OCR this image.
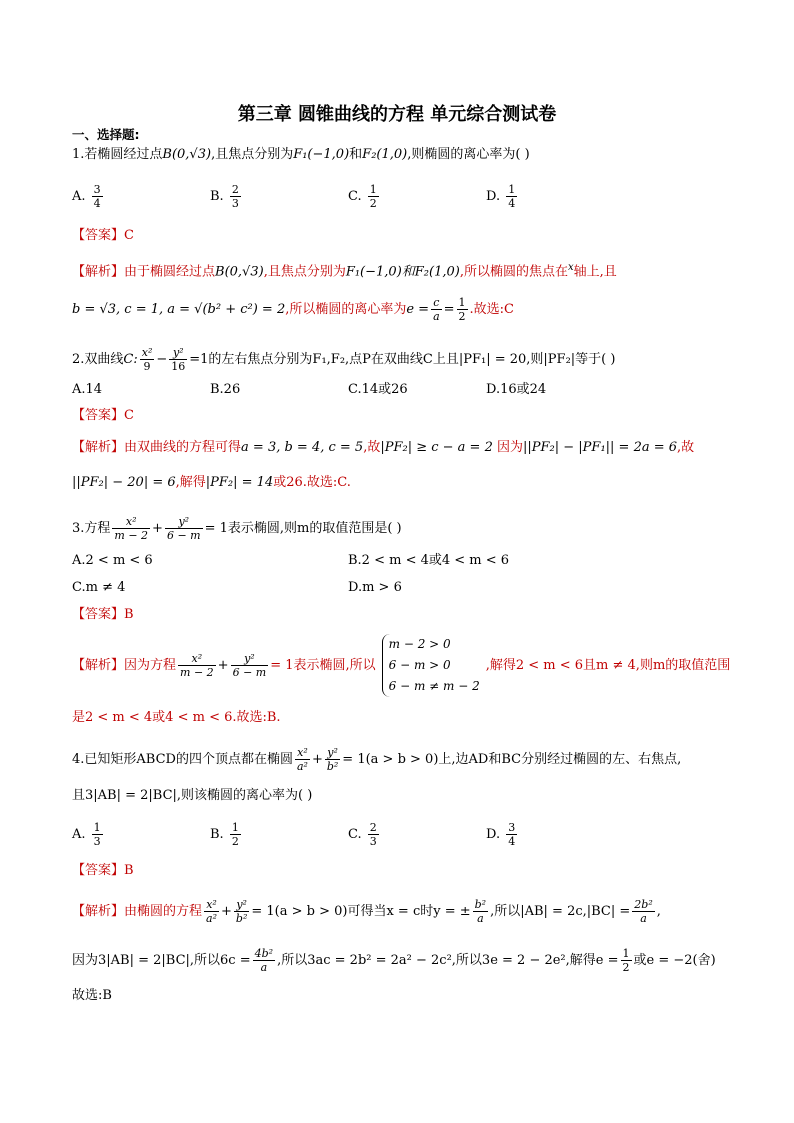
第三章 圆锥曲线的方程 单元综合测试卷
一、选择题:
1.若椭圆经过点B(0,√3),且焦点分别为F₁(−1,0)和F₂(1,0),则椭圆的离心率为( )
A. $\frac{3}{4}$	B. $\frac{2}{3}$	C. $\frac{1}{2}$	D. $\frac{1}{4}$
【答案】C
【解析】由于椭圆经过点B(0,√3),且焦点分别为F₁(−1,0)和F₂(1,0),所以椭圆的焦点在$^x$轴上,且
b = √3, c = 1, a = √(b² + c²) = 2,所以椭圆的离心率为$e = \frac{c}{a} = \frac{1}{2}$ .故选:C
2.双曲线C: $\frac{\text{x²}}{9} - \frac{\text{y²}}{16} =1$的左右焦点分别为F₁,F₂,点P在双曲线C上且|PF₁| = 20,则|PF₂|等于( )
A.14	B.26	C.14或26	D.16或24
【答案】C
【解析】由双曲线的方程可得a = 3, b = 4, c = 5,故|PF₂| ≥ c − a = 2 因为||PF₂| − |PF₁|| = 2a = 6,故
||PF₂| − 20| = 6,解得|PF₂| = 14或26.故选:C.
3.方程 $\frac{\text{x²}}{m - 2} + \frac{\text{y²}}{6 - m} = 1$表示椭圆,则m的取值范围是( )
A.2 < m < 6	B.2 < m < 4或4 < m < 6
C.m ≠ 4	D.m > 6
【答案】B
【解析】因为方程 $\frac{\text{x²}}{m - 2} + \frac{\text{y²}}{6 - m} = 1$表示椭圆,所以
m − 2 > 0
6 − m > 0
6 − m ≠ m − 2
,解得2 < m < 6且m ≠ 4,则m的取值范围
是2 < m < 4或4 < m < 6.故选:B.
4.已知矩形ABCD的四个顶点都在椭圆 $\frac{\text{x²}}{\text{a²}} + \frac{\text{y²}}{\text{b²}} = 1(a > b > 0)$上,边AD和BC分别经过椭圆的左、右焦点,
且3|AB| = 2|BC|,则该椭圆的离心率为( )
A. $\frac{1}{3}$	B. $\frac{1}{2}$	C. $\frac{2}{3}$	D. $\frac{3}{4}$
【答案】B
【解析】由椭圆的方程 $\frac{\text{x²}}{\text{a²}} + \frac{\text{y²}}{\text{b²}} = 1(a > b > 0)$可得当x = c时y = ± $\frac{\text{b²}}{a}$ ,所以$|AB| = 2c,|BC| = \frac{\text{2b²}}{a}$ ,
因为3|AB| = 2|BC|,所以$6c = \frac{\text{4b²}}{a}$ ,所以3ac = 2b² = 2a² − 2c²,所以3e = 2 − 2e²,解得$e = \frac{1}{2}$ 或e = −2(舍)
故选:B
